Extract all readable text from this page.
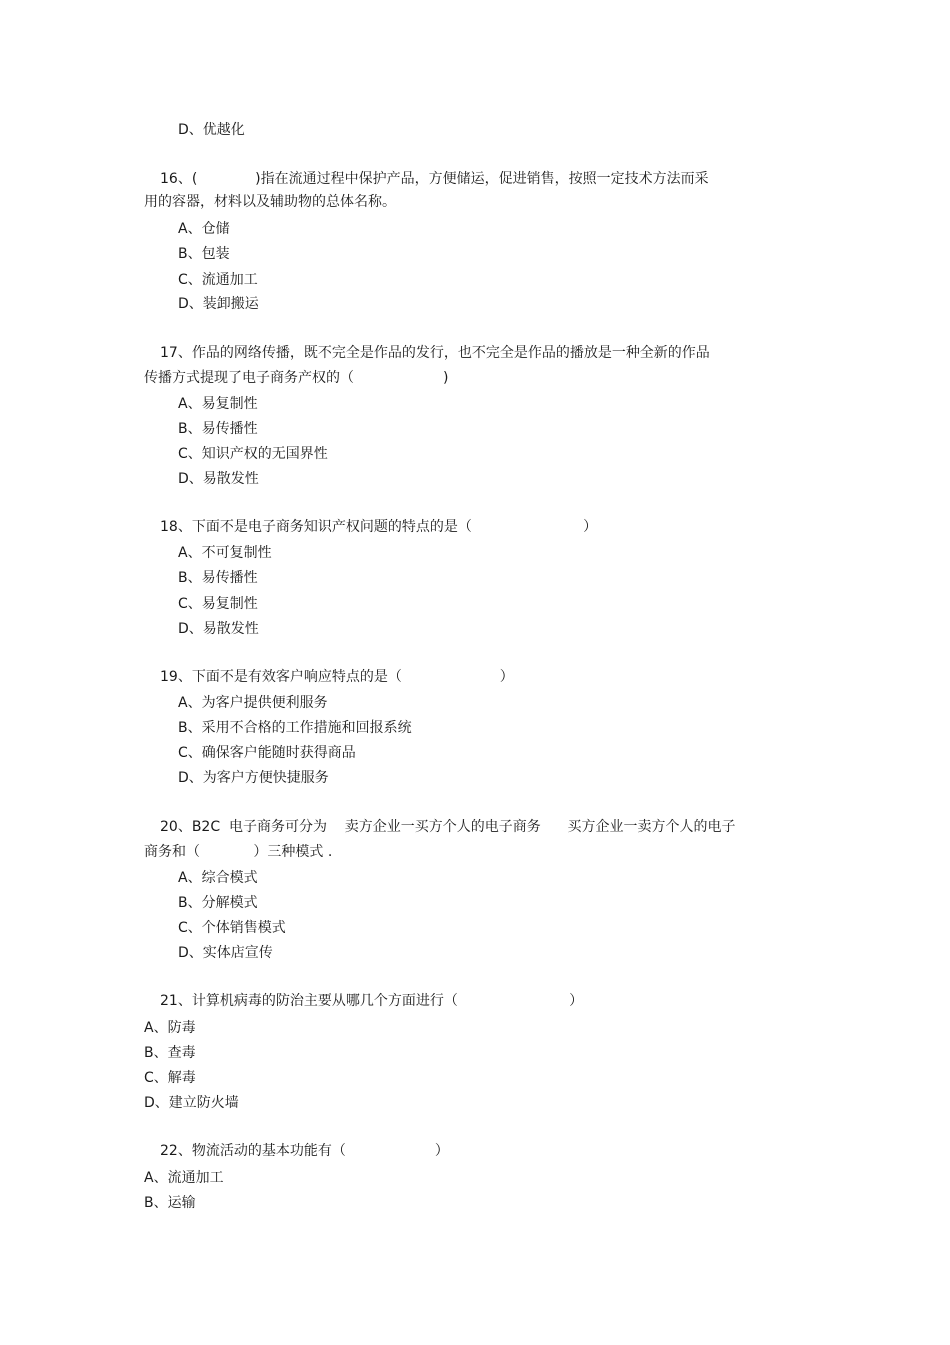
D、优越化
16、(             )指在流通过程中保护产品，方便储运，促进销售，按照一定技术方法而采
用的容器，材料以及辅助物的总体名称。
A、仓储
B、包装
C、流通加工
D、装卸搬运
17、作品的网络传播，既不完全是作品的发行，也不完全是作品的播放是一种全新的作品
传播方式提现了电子商务产权的（                    )
A、易复制性
B、易传播性
C、知识产权的无国界性
D、易散发性
18、下面不是电子商务知识产权问题的特点的是（                         ）
A、不可复制性
B、易传播性
C、易复制性
D、易散发性
19、下面不是有效客户响应特点的是（                      ）
A、为客户提供便利服务
B、采用不合格的工作措施和回报系统
C、确保客户能随时获得商品
D、为客户方便快捷服务
20、B2C  电子商务可分为    卖方企业一买方个人的电子商务      买方企业一卖方个人的电子
商务和（            ）三种模式 .
A、综合模式
B、分解模式
C、个体销售模式
D、实体店宣传
21、计算机病毒的防治主要从哪几个方面进行（                         ）
A、防毒
B、查毒
C、解毒
D、建立防火墙
22、物流活动的基本功能有（                    ）
A、流通加工
B、运输
